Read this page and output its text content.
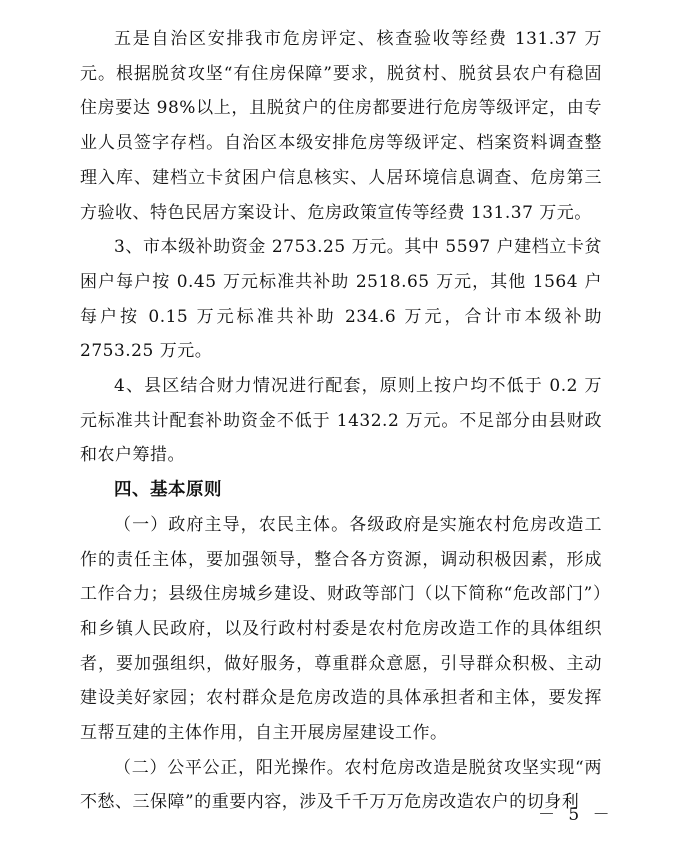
五是自治区安排我市危房评定、核查验收等经费 131.37 万元。根据脱贫攻坚“有住房保障”要求，脱贫村、脱贫县农户有稳固住房要达 98%以上，且脱贫户的住房都要进行危房等级评定，由专业人员签字存档。自治区本级安排危房等级评定、档案资料调查整理入库、建档立卡贫困户信息核实、人居环境信息调查、危房第三方验收、特色民居方案设计、危房政策宣传等经费 131.37 万元。

3、市本级补助资金 2753.25 万元。其中 5597 户建档立卡贫困户每户按 0.45 万元标准共补助 2518.65 万元，其他 1564 户每户按 0.15 万元标准共补助 234.6 万元，合计市本级补助 2753.25 万元。

4、县区结合财力情况进行配套，原则上按户均不低于 0.2 万元标准共计配套补助资金不低于 1432.2 万元。不足部分由县财政和农户筹措。

四、基本原则

（一）政府主导，农民主体。各级政府是实施农村危房改造工作的责任主体，要加强领导，整合各方资源，调动积极因素，形成工作合力；县级住房城乡建设、财政等部门（以下简称“危改部门”）和乡镇人民政府，以及行政村村委是农村危房改造工作的具体组织者，要加强组织，做好服务，尊重群众意愿，引导群众积极、主动建设美好家园；农村群众是危房改造的具体承担者和主体，要发挥互帮互建的主体作用，自主开展房屋建设工作。

（二）公平公正，阳光操作。农村危房改造是脱贫攻坚实现“两不愁、三保障”的重要内容，涉及千千万万危房改造农户的切身利

－ 5 －
